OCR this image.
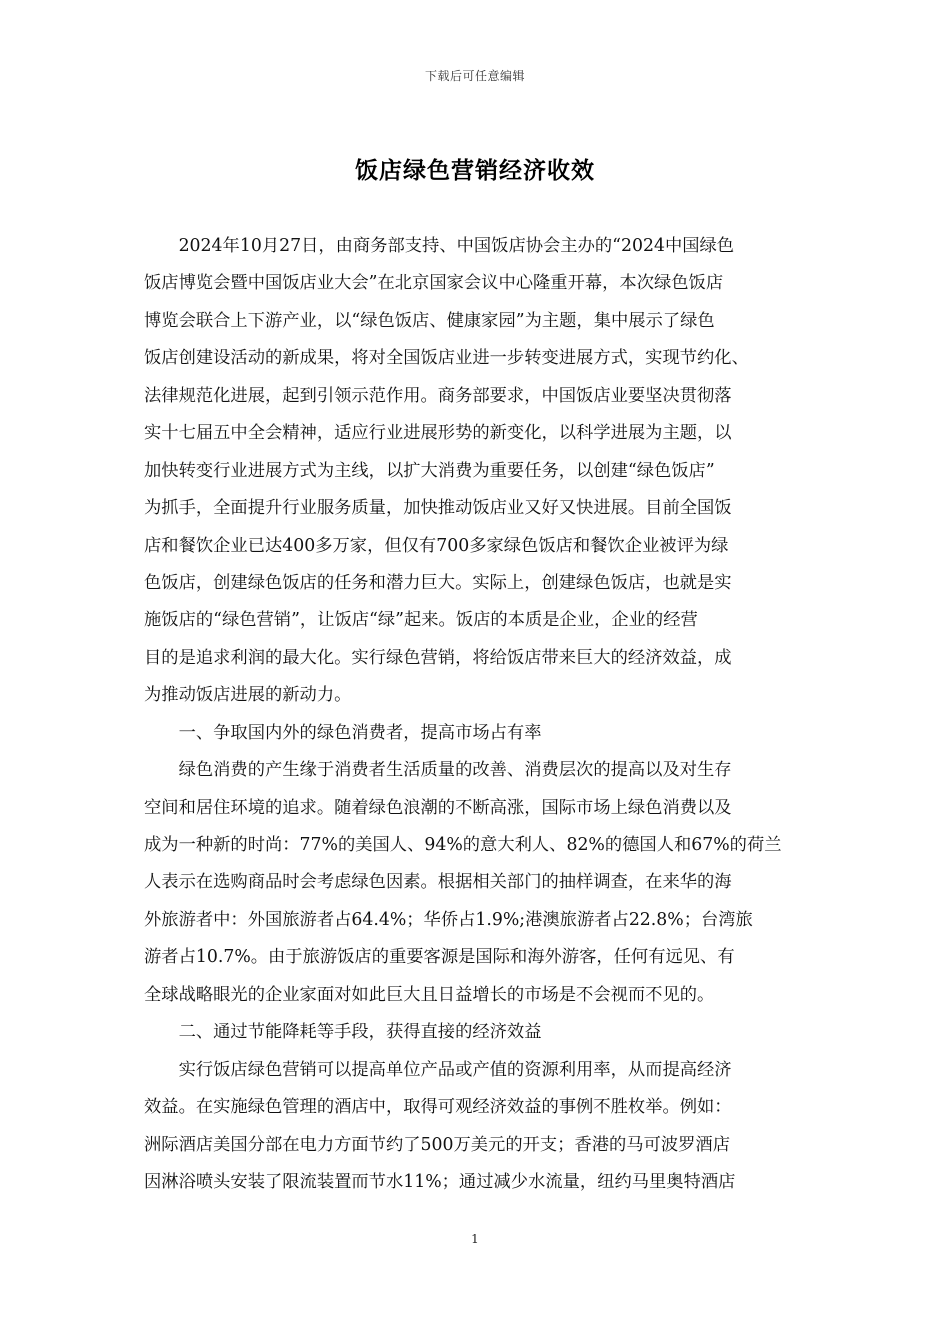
下载后可任意编辑
饭店绿色营销经济收效
　　2024年10月27日，由商务部支持、中国饭店协会主办的“2024中国绿色
饭店博览会暨中国饭店业大会”在北京国家会议中心隆重开幕，本次绿色饭店
博览会联合上下游产业，以“绿色饭店、健康家园”为主题，集中展示了绿色
饭店创建设活动的新成果，将对全国饭店业进一步转变进展方式，实现节约化、
法律规范化进展，起到引领示范作用。商务部要求，中国饭店业要坚决贯彻落
实十七届五中全会精神，适应行业进展形势的新变化，以科学进展为主题，以
加快转变行业进展方式为主线，以扩大消费为重要任务，以创建“绿色饭店”
为抓手，全面提升行业服务质量，加快推动饭店业又好又快进展。目前全国饭
店和餐饮企业已达400多万家，但仅有700多家绿色饭店和餐饮企业被评为绿
色饭店，创建绿色饭店的任务和潜力巨大。实际上，创建绿色饭店，也就是实
施饭店的“绿色营销”，让饭店“绿”起来。饭店的本质是企业，企业的经营
目的是追求利润的最大化。实行绿色营销，将给饭店带来巨大的经济效益，成
为推动饭店进展的新动力。
　　一、争取国内外的绿色消费者，提高市场占有率
　　绿色消费的产生缘于消费者生活质量的改善、消费层次的提高以及对生存
空间和居住环境的追求。随着绿色浪潮的不断高涨，国际市场上绿色消费以及
成为一种新的时尚：77%的美国人、94%的意大利人、82%的德国人和67%的荷兰
人表示在选购商品时会考虑绿色因素。根据相关部门的抽样调查，在来华的海
外旅游者中：外国旅游者占64.4%；华侨占1.9%;港澳旅游者占22.8%；台湾旅
游者占10.7%。由于旅游饭店的重要客源是国际和海外游客，任何有远见、有
全球战略眼光的企业家面对如此巨大且日益增长的市场是不会视而不见的。
　　二、通过节能降耗等手段，获得直接的经济效益
　　实行饭店绿色营销可以提高单位产品或产值的资源利用率，从而提高经济
效益。在实施绿色管理的酒店中，取得可观经济效益的事例不胜枚举。例如：
洲际酒店美国分部在电力方面节约了500万美元的开支；香港的马可波罗酒店
因淋浴喷头安装了限流装置而节水11%；通过减少水流量，纽约马里奥特酒店
1
